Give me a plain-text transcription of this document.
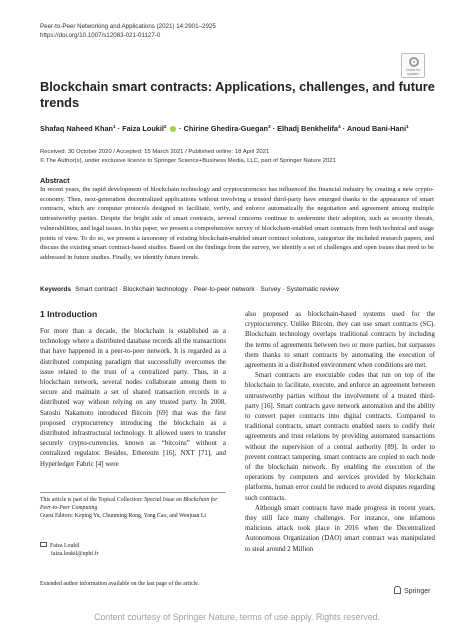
Peer-to-Peer Networking and Applications (2021) 14:2901–2925
https://doi.org/10.1007/s12083-021-01127-0
Check for updates
Blockchain smart contracts: Applications, challenges, and future trends
Shafaq Naheed Khan$^1$ · Faiza Loukil$^2$  · Chirine Ghedira-Guegan$^3$ · Elhadj Benkhelifa$^4$ · Anoud Bani-Hani$^1$
Received: 30 October 2020 / Accepted: 15 March 2021 / Published online: 18 April 2021
© The Author(s), under exclusive licence to Springer Science+Business Media, LLC, part of Springer Nature 2021
Abstract
In recent years, the rapid development of blockchain technology and cryptocurrencies has influenced the financial industry by creating a new crypto-economy. Then, next-generation decentralized applications without involving a trusted third-party have emerged thanks to the appearance of smart contracts, which are computer protocols designed to facilitate, verify, and enforce automatically the negotiation and agreement among multiple untrustworthy parties. Despite the bright side of smart contracts, several concerns continue to undermine their adoption, such as security threats, vulnerabilities, and legal issues. In this paper, we present a comprehensive survey of blockchain-enabled smart contracts from both technical and usage points of view. To do so, we present a taxonomy of existing blockchain-enabled smart contract solutions, categorize the included research papers, and discuss the existing smart contract-based studies. Based on the findings from the survey, we identify a set of challenges and open issues that need to be addressed in future studies. Finally, we identify future trends.
Keywords Smart contract · Blockchain technology · Peer-to-peer network · Survey · Systematic review
1 Introduction

For more than a decade, the blockchain is established as a technology where a distributed database records all the transactions that have happened in a peer-to-peer network. It is regarded as a distributed computing paradigm that successfully overcomes the issue related to the trust of a centralized party. Thus, in a blockchain network, several nodes collaborate among them to secure and maintain a set of shared transaction records in a distributed way without relying on any trusted party. In 2008, Satoshi Nakamoto introduced Bitcoin [69] that was the first proposed cryptocurrency introducing the blockchain as a distributed infrastructural technology. It allowed users to transfer securely crypto-currencies, known as “bitcoins” without a centralized regulator. Besides, Ethereum [16], NXT [71], and Hyperledger Fabric [4] were

also proposed as blockchain-based systems used for the cryptocurrency. Unlike Bitcoin, they can use smart contracts (SC). Blockchain technology overlaps traditional contracts by including the terms of agreements between two or more parties, but surpasses them thanks to smart contracts by automating the execution of agreements in a distributed environment when conditions are met.

Smart contracts are executable codes that run on top of the blockchain to facilitate, execute, and enforce an agreement between untrustworthy parties without the involvement of a trusted third-party [16]. Smart contracts gave network automation and the ability to convert paper contracts into digital contracts. Compared to traditional contracts, smart contracts enabled users to codify their agreements and trust relations by providing automated transactions without the supervision of a central authority [89]. In order to prevent contract tampering, smart contracts are copied to each node of the blockchain network. By enabling the execution of the operations by computers and services provided by blockchain platforms, human error could be reduced to avoid disputes regarding such contracts.

Although smart contracts have made progress in recent years, they still face many challenges. For instance, one infamous malicious attack took place in 2016 when the Decentralized Autonomous Organization (DAO) smart contract was manipulated to steal around 2 Million

This article is part of the Topical Collection: Special Issue on Blockchain for Peer-to-Peer Computing
Guest Editors: Keping Yu, Chunming Rong, Yang Cao, and Wenjuan Li
Faiza Loukil
faiza.loukil@uphf.fr
Extended author information available on the last page of the article.
Springer
Content courtesy of Springer Nature, terms of use apply. Rights reserved.
